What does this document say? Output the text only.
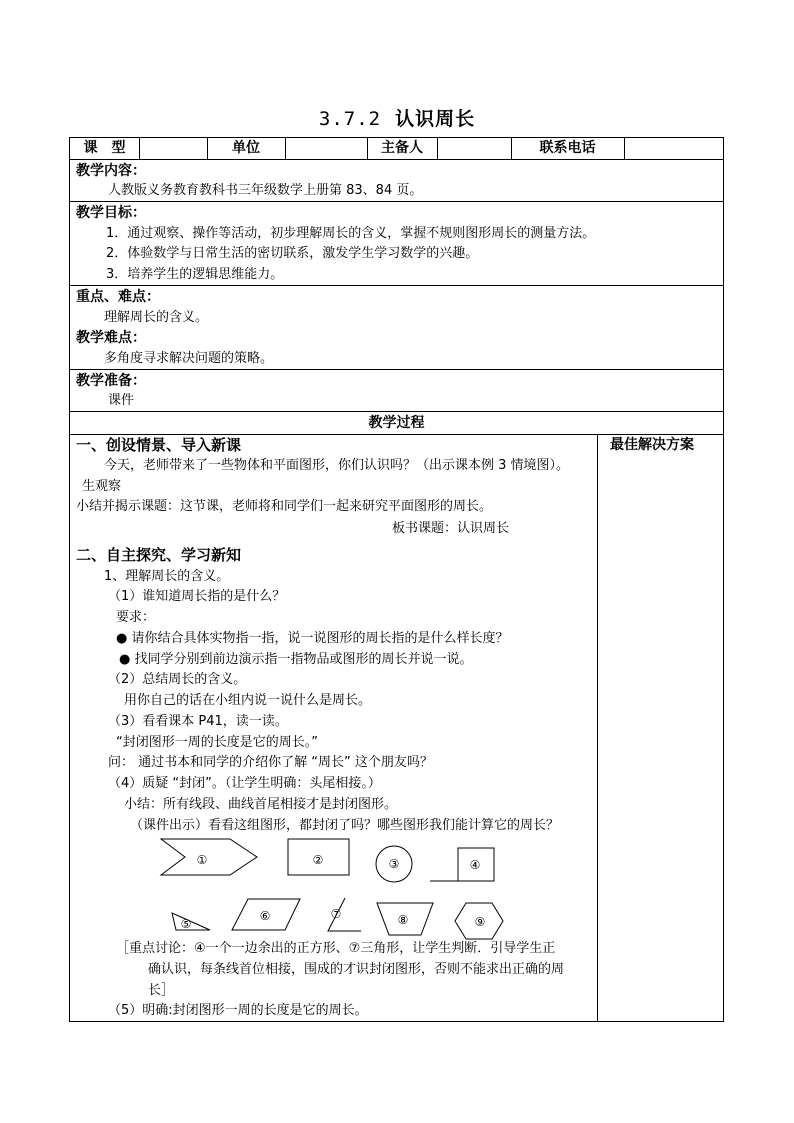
3.7.2 认识周长
课　型	单位	主备人	联系电话
教学内容：
人教版义务教育教科书三年级数学上册第 83、84 页。
教学目标：
1．通过观察、操作等活动，初步理解周长的含义，掌握不规则图形周长的测量方法。
2．体验数学与日常生活的密切联系，激发学生学习数学的兴趣。
3．培养学生的逻辑思维能力。
重点、难点：
理解周长的含义。
教学难点：
多角度寻求解决问题的策略。
教学准备：
课件
教学过程
最佳解决方案
一、创设情景、导入新课
今天，老师带来了一些物体和平面图形，你们认识吗？（出示课本例 3 情境图）。
生观察
小结并揭示课题：这节课，老师将和同学们一起来研究平面图形的周长。
板书课题：认识周长
二、自主探究、学习新知
1、理解周长的含义。
（1）谁知道周长指的是什么？
要求：
● 请你结合具体实物指一指，说一说图形的周长指的是什么样长度？
● 找同学分别到前边演示指一指物品或图形的周长并说一说。
（2）总结周长的含义。
用你自己的话在小组内说一说什么是周长。
（3）看看课本 P41，读一读。
“封闭图形一周的长度是它的周长。”
问： 通过书本和同学的介绍你了解 “周长” 这个朋友吗？
（4）质疑 “封闭”。（让学生明确：头尾相接。）
小结：所有线段、曲线首尾相接才是封闭图形。
（课件出示）看看这组图形，都封闭了吗？哪些图形我们能计算它的周长？
①	②	③	④
⑤
⑥	⑦	⑧	⑨
［重点讨论：④一个一边余出的正方形、⑦三角形，让学生判断．引导学生正
确认识，每条线首位相接，围成的才识封闭图形，否则不能求出正确的周
长］
（5）明确:封闭图形一周的长度是它的周长。
